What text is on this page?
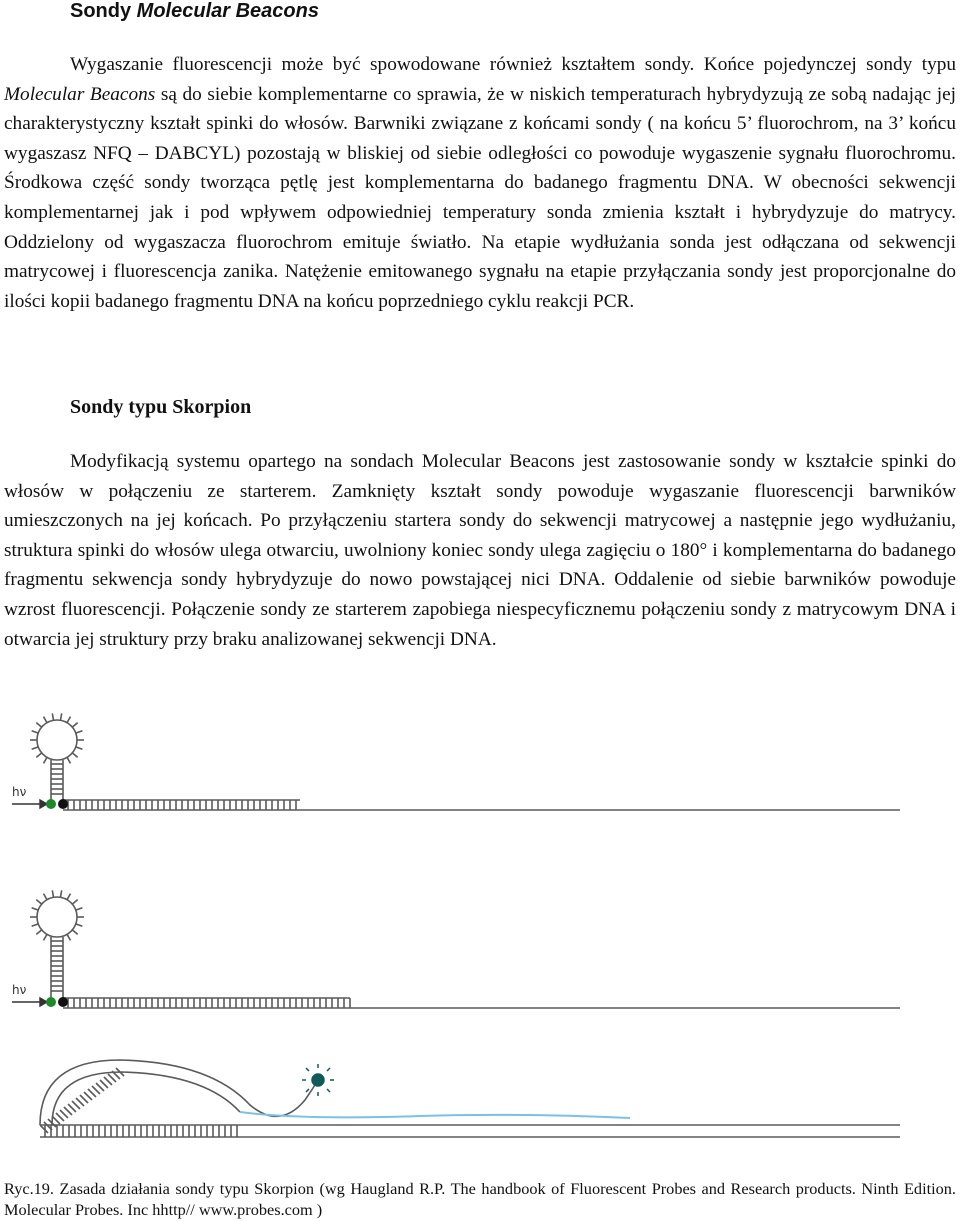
Sondy Molecular Beacons

Wygaszanie fluorescencji może być spowodowane również kształtem sondy. Końce pojedynczej sondy typu Molecular Beacons są do siebie komplementarne co sprawia, że w niskich temperaturach hybrydyzują ze sobą nadając jej charakterystyczny kształt spinki do włosów. Barwniki związane z końcami sondy ( na końcu 5’ fluorochrom, na 3’ końcu wygaszasz NFQ – DABCYL) pozostają w bliskiej od siebie odległości co powoduje wygaszenie sygnału fluorochromu. Środkowa część sondy tworząca pętlę jest komplementarna do badanego fragmentu DNA. W obecności sekwencji komplementarnej jak i pod wpływem odpowiedniej temperatury sonda zmienia kształt i hybrydyzuje do matrycy. Oddzielony od wygaszacza fluorochrom emituje światło. Na etapie wydłużania sonda jest odłączana od sekwencji matrycowej i fluorescencja zanika. Natężenie emitowanego sygnału na etapie przyłączania sondy jest proporcjonalne do ilości kopii badanego fragmentu DNA na końcu poprzedniego cyklu reakcji PCR.

Sondy typu Skorpion

Modyfikacją systemu opartego na sondach Molecular Beacons jest zastosowanie sondy w kształcie spinki do włosów w połączeniu ze starterem. Zamknięty kształt sondy powoduje wygaszanie fluorescencji barwników umieszczonych na jej końcach. Po przyłączeniu startera sondy do sekwencji matrycowej a następnie jego wydłużaniu, struktura spinki do włosów ulega otwarciu, uwolniony koniec sondy ulega zagięciu o 180° i komplementarna do badanego fragmentu sekwencja sondy hybrydyzuje do nowo powstającej nici DNA. Oddalenie od siebie barwników powoduje wzrost fluorescencji. Połączenie sondy ze starterem zapobiega niespecyficznemu połączeniu sondy z matrycowym DNA i otwarcia jej struktury przy braku analizowanej sekwencji DNA.

hν
hν

Ryc.19. Zasada działania sondy typu Skorpion (wg Haugland R.P. The handbook of Fluorescent Probes and Research products. Ninth Edition. Molecular Probes. Inc hhttp// www.probes.com )
